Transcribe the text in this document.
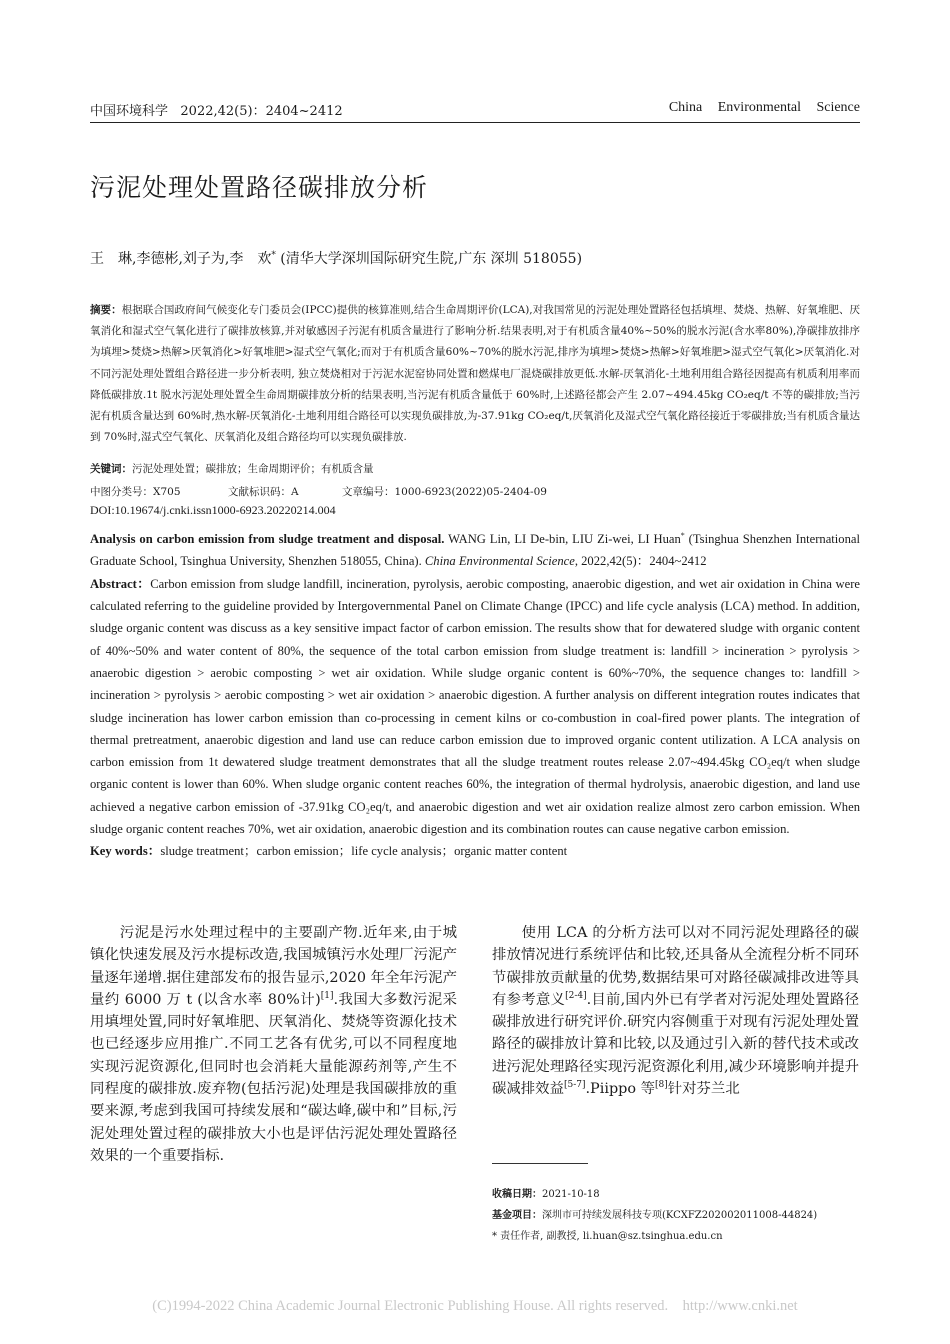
中国环境科学   2022,42(5)：2404~2412	China Environmental Science
污泥处理处置路径碳排放分析
王　琳,李德彬,刘子为,李　欢* (清华大学深圳国际研究生院,广东 深圳 518055)
摘要：根据联合国政府间气候变化专门委员会(IPCC)提供的核算准则,结合生命周期评价(LCA),对我国常见的污泥处理处置路径包括填埋、焚烧、热解、好氧堆肥、厌氧消化和湿式空气氧化进行了碳排放核算,并对敏感因子污泥有机质含量进行了影响分析.结果表明,对于有机质含量40%~50%的脱水污泥(含水率80%),净碳排放排序为填埋>焚烧>热解>厌氧消化>好氧堆肥>湿式空气氧化;而对于有机质含量60%~70%的脱水污泥,排序为填埋>焚烧>热解>好氧堆肥>湿式空气氧化>厌氧消化.对不同污泥处理处置组合路径进一步分析表明, 独立焚烧相对于污泥水泥窑协同处置和燃煤电厂混烧碳排放更低.水解-厌氧消化-土地利用组合路径因提高有机质利用率而降低碳排放.1t 脱水污泥处理处置全生命周期碳排放分析的结果表明,当污泥有机质含量低于 60%时,上述路径都会产生 2.07~494.45kg CO₂eq/t 不等的碳排放;当污泥有机质含量达到 60%时,热水解-厌氧消化-土地利用组合路径可以实现负碳排放,为-37.91kg CO₂eq/t,厌氧消化及湿式空气氧化路径接近于零碳排放;当有机质含量达到 70%时,湿式空气氧化、厌氧消化及组合路径均可以实现负碳排放.
关键词：污泥处理处置；碳排放；生命周期评价；有机质含量
中图分类号：X705	文献标识码：A	文章编号：1000-6923(2022)05-2404-09
DOI:10.19674/j.cnki.issn1000-6923.20220214.004
Analysis on carbon emission from sludge treatment and disposal. WANG Lin, LI De-bin, LIU Zi-wei, LI Huan* (Tsinghua Shenzhen International Graduate School, Tsinghua University, Shenzhen 518055, China). China Environmental Science, 2022,42(5)：2404~2412
Abstract：Carbon emission from sludge landfill, incineration, pyrolysis, aerobic composting, anaerobic digestion, and wet air oxidation in China were calculated referring to the guideline provided by Intergovernmental Panel on Climate Change (IPCC) and life cycle analysis (LCA) method. In addition, sludge organic content was discuss as a key sensitive impact factor of carbon emission. The results show that for dewatered sludge with organic content of 40%~50% and water content of 80%, the sequence of the total carbon emission from sludge treatment is: landfill > incineration > pyrolysis > anaerobic digestion > aerobic composting > wet air oxidation. While sludge organic content is 60%~70%, the sequence changes to: landfill > incineration > pyrolysis > aerobic composting > wet air oxidation > anaerobic digestion. A further analysis on different integration routes indicates that sludge incineration has lower carbon emission than co-processing in cement kilns or co-combustion in coal-fired power plants. The integration of thermal pretreatment, anaerobic digestion and land use can reduce carbon emission due to improved organic content utilization. A LCA analysis on carbon emission from 1t dewatered sludge treatment demonstrates that all the sludge treatment routes release 2.07~494.45kg CO₂eq/t when sludge organic content is lower than 60%. When sludge organic content reaches 60%, the integration of thermal hydrolysis, anaerobic digestion, and land use achieved a negative carbon emission of -37.91kg CO₂eq/t, and anaerobic digestion and wet air oxidation realize almost zero carbon emission. When sludge organic content reaches 70%, wet air oxidation, anaerobic digestion and its combination routes can cause negative carbon emission.
Key words：sludge treatment；carbon emission；life cycle analysis；organic matter content
　　污泥是污水处理过程中的主要副产物.近年来,由于城镇化快速发展及污水提标改造,我国城镇污水处理厂污泥产量逐年递增.据住建部发布的报告显示,2020 年全年污泥产量约 6000 万 t (以含水率 80%计)[1].我国大多数污泥采用填埋处置,同时好氧堆肥、厌氧消化、焚烧等资源化技术也已经逐步应用推广.不同工艺各有优劣,可以不同程度地实现污泥资源化,但同时也会消耗大量能源药剂等,产生不同程度的碳排放.废弃物(包括污泥)处理是我国碳排放的重要来源,考虑到我国可持续发展和“碳达峰,碳中和”目标,污泥处理处置过程的碳排放大小也是评估污泥处理处置路径效果的一个重要指标.
　　使用 LCA 的分析方法可以对不同污泥处理路径的碳排放情况进行系统评估和比较,还具备从全流程分析不同环节碳排放贡献量的优势,数据结果可对路径碳减排改进等具有参考意义[2-4].目前,国内外已有学者对污泥处理处置路径碳排放进行研究评价.研究内容侧重于对现有污泥处理处置路径的碳排放计算和比较,以及通过引入新的替代技术或改进污泥处理路径实现污泥资源化利用,减少环境影响并提升碳减排效益[5-7].Piippo 等[8]针对芬兰北
收稿日期：2021-10-18
基金项目：深圳市可持续发展科技专项(KCXFZ202002011008-44824)
* 责任作者, 副教授, li.huan@sz.tsinghua.edu.cn
(C)1994-2022 China Academic Journal Electronic Publishing House. All rights reserved.    http://www.cnki.net
